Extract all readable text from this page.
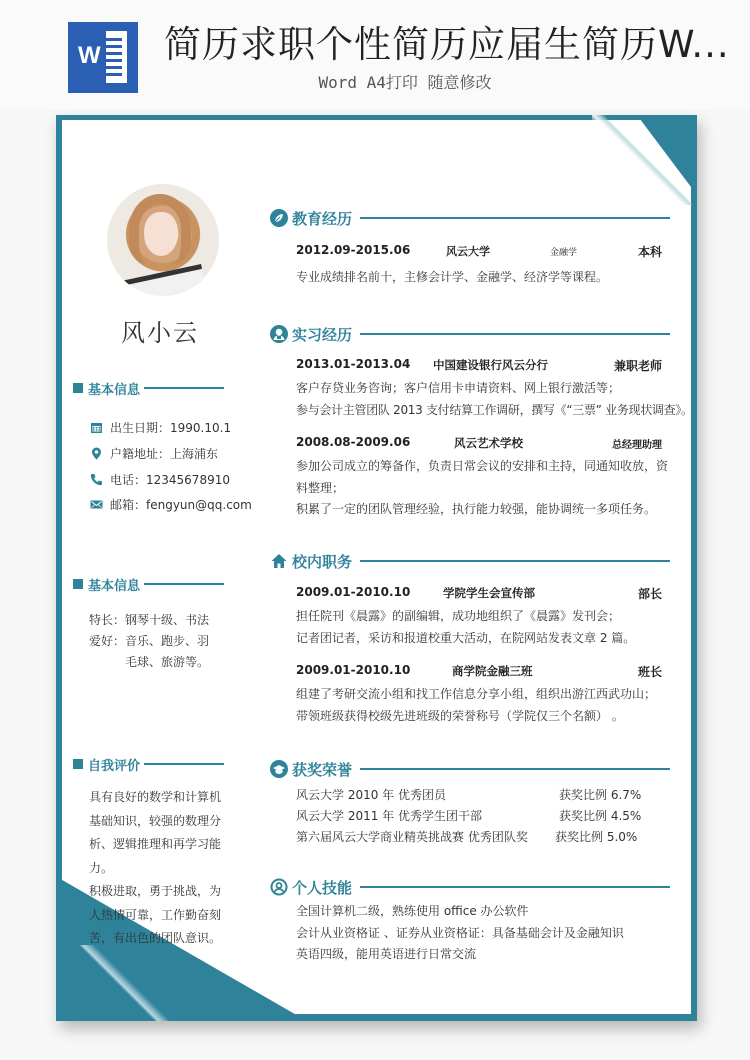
W 简历求职个性简历应届生简历W...
Word A4打印 随意修改
风小云
基本信息
出生日期：1990.10.1
户籍地址：上海浦东
电话：12345678910
邮箱：fengyun@qq.com
基本信息
特长： 钢琴十级、书法
爱好： 音乐、跑步、羽毛球、旅游等。
自我评价
具有良好的数学和计算机基础知识，较强的数理分析、逻辑推理和再学习能力。
积极进取，勇于挑战，为人热情可靠，工作勤奋刻苦，有出色的团队意识。
教育经历
2012.09-2015.06	风云大学	金融学	本科
专业成绩排名前十，主修会计学、金融学、经济学等课程。
实习经历
2013.01-2013.04 中国建设银行风云分行	兼职老师
客户存贷业务咨询；客户信用卡申请资料、网上银行激活等；
参与会计主管团队 2013 支付结算工作调研，撰写《“三票” 业务现状调查》。
2008.08-2009.06	风云艺术学校	总经理助理
参加公司成立的筹备作，负责日常会议的安排和主持，同通知收放，资料整理；
积累了一定的团队管理经验，执行能力较强，能协调统一多项任务。
校内职务
2009.01-2010.10	学院学生会宣传部	部长
担任院刊《晨露》的副编辑，成功地组织了《晨露》发刊会；
记者团记者，采访和报道校重大活动，在院网站发表文章 2 篇。
2009.01-2010.10	商学院金融三班	班长
组建了考研交流小组和找工作信息分享小组，组织出游江西武功山；
带领班级获得校级先进班级的荣誉称号（学院仅三个名额） 。
获奖荣誉
风云大学 2010 年 优秀团员	获奖比例 6.7%
风云大学 2011 年 优秀学生团干部	获奖比例 4.5%
第六届风云大学商业精英挑战赛 优秀团队奖 获奖比例 5.0%
个人技能
全国计算机二级，熟练使用 office 办公软件
会计从业资格证 、证券从业资格证：具备基础会计及金融知识
英语四级，能用英语进行日常交流
